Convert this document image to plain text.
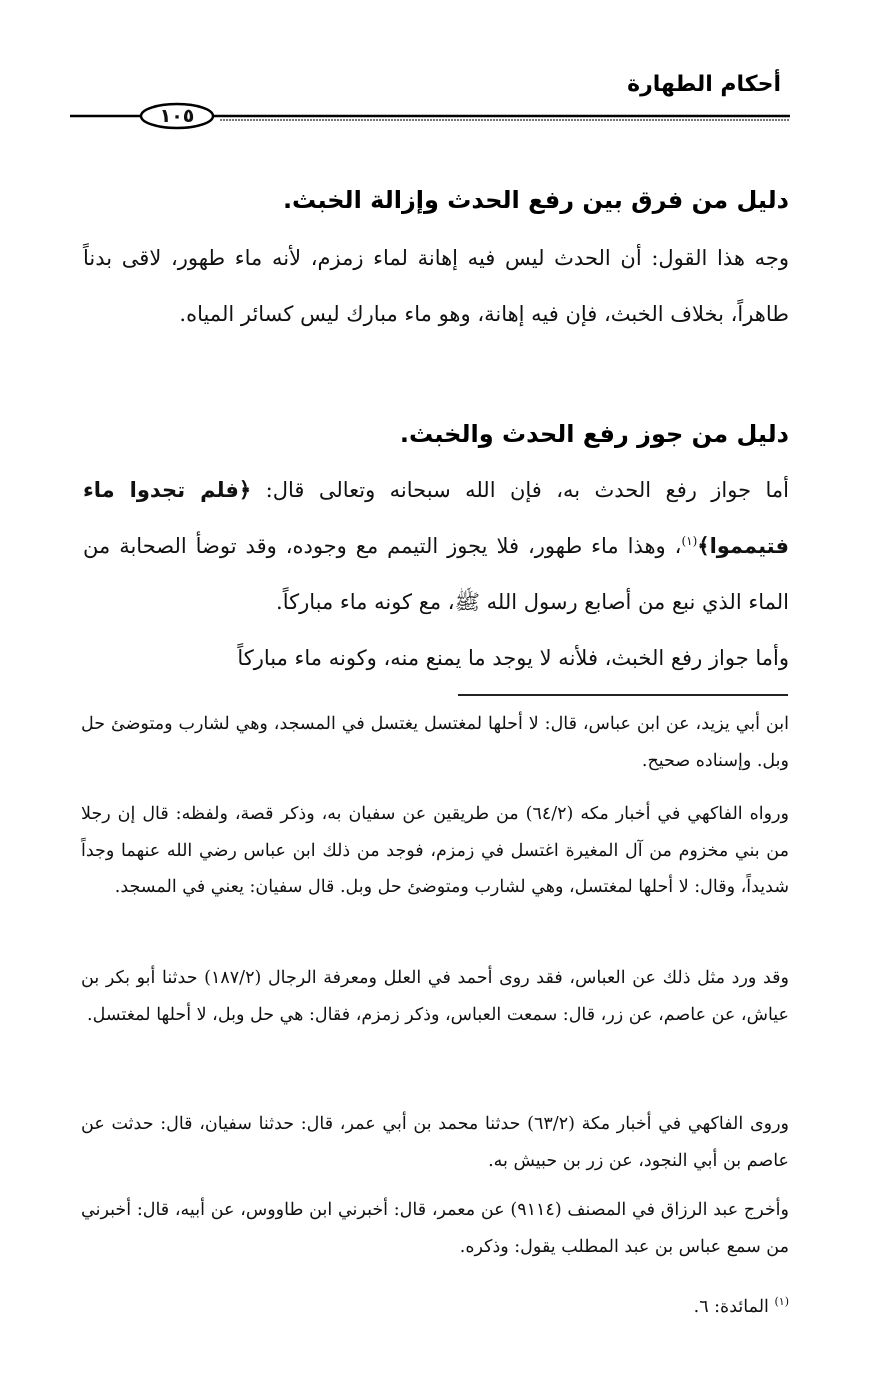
أحكام الطهارة
١٠٥
دليل من فرق بين رفع الحدث وإزالة الخبث.
وجه هذا القول: أن الحدث ليس فيه إهانة لماء زمزم، لأنه ماء طهور، لاقى بدناً طاهراً، بخلاف الخبث، فإن فيه إهانة، وهو ماء مبارك ليس كسائر المياه.
دليل من جوز رفع الحدث والخبث.
أما جواز رفع الحدث به، فإن الله سبحانه وتعالى قال: ﴿فلم تجدوا ماء فتيمموا﴾$^{(١)}$، وهذا ماء طهور، فلا يجوز التيمم مع وجوده، وقد توضأ الصحابة من الماء الذي نبع من أصابع رسول الله ﷺ، مع كونه ماء مباركاً.
وأما جواز رفع الخبث، فلأنه لا يوجد ما يمنع منه، وكونه ماء مباركاً
ابن أبي يزيد، عن ابن عباس، قال: لا أحلها لمغتسل يغتسل في المسجد، وهي لشارب ومتوضئ حل وبل. وإسناده صحيح.
ورواه الفاكهي في أخبار مكه (٦٤/٢) من طريقين عن سفيان به، وذكر قصة، ولفظه: قال إن رجلا من بني مخزوم من آل المغيرة اغتسل في زمزم، فوجد من ذلك ابن عباس رضي الله عنهما وجداً شديداً، وقال: لا أحلها لمغتسل، وهي لشارب ومتوضئ حل وبل. قال سفيان: يعني في المسجد.
وقد ورد مثل ذلك عن العباس، فقد روى أحمد في العلل ومعرفة الرجال (١٨٧/٢) حدثنا أبو بكر بن عياش، عن عاصم، عن زر، قال: سمعت العباس، وذكر زمزم، فقال: هي حل وبل، لا أحلها لمغتسل.
وروى الفاكهي في أخبار مكة (٦٣/٢) حدثنا محمد بن أبي عمر، قال: حدثنا سفيان، قال: حدثت عن عاصم بن أبي النجود، عن زر بن حبيش به.
وأخرج عبد الرزاق في المصنف (٩١١٤) عن معمر، قال: أخبرني ابن طاووس، عن أبيه، قال: أخبرني من سمع عباس بن عبد المطلب يقول: وذكره.
$^{(١)}$ المائدة: ٦.
